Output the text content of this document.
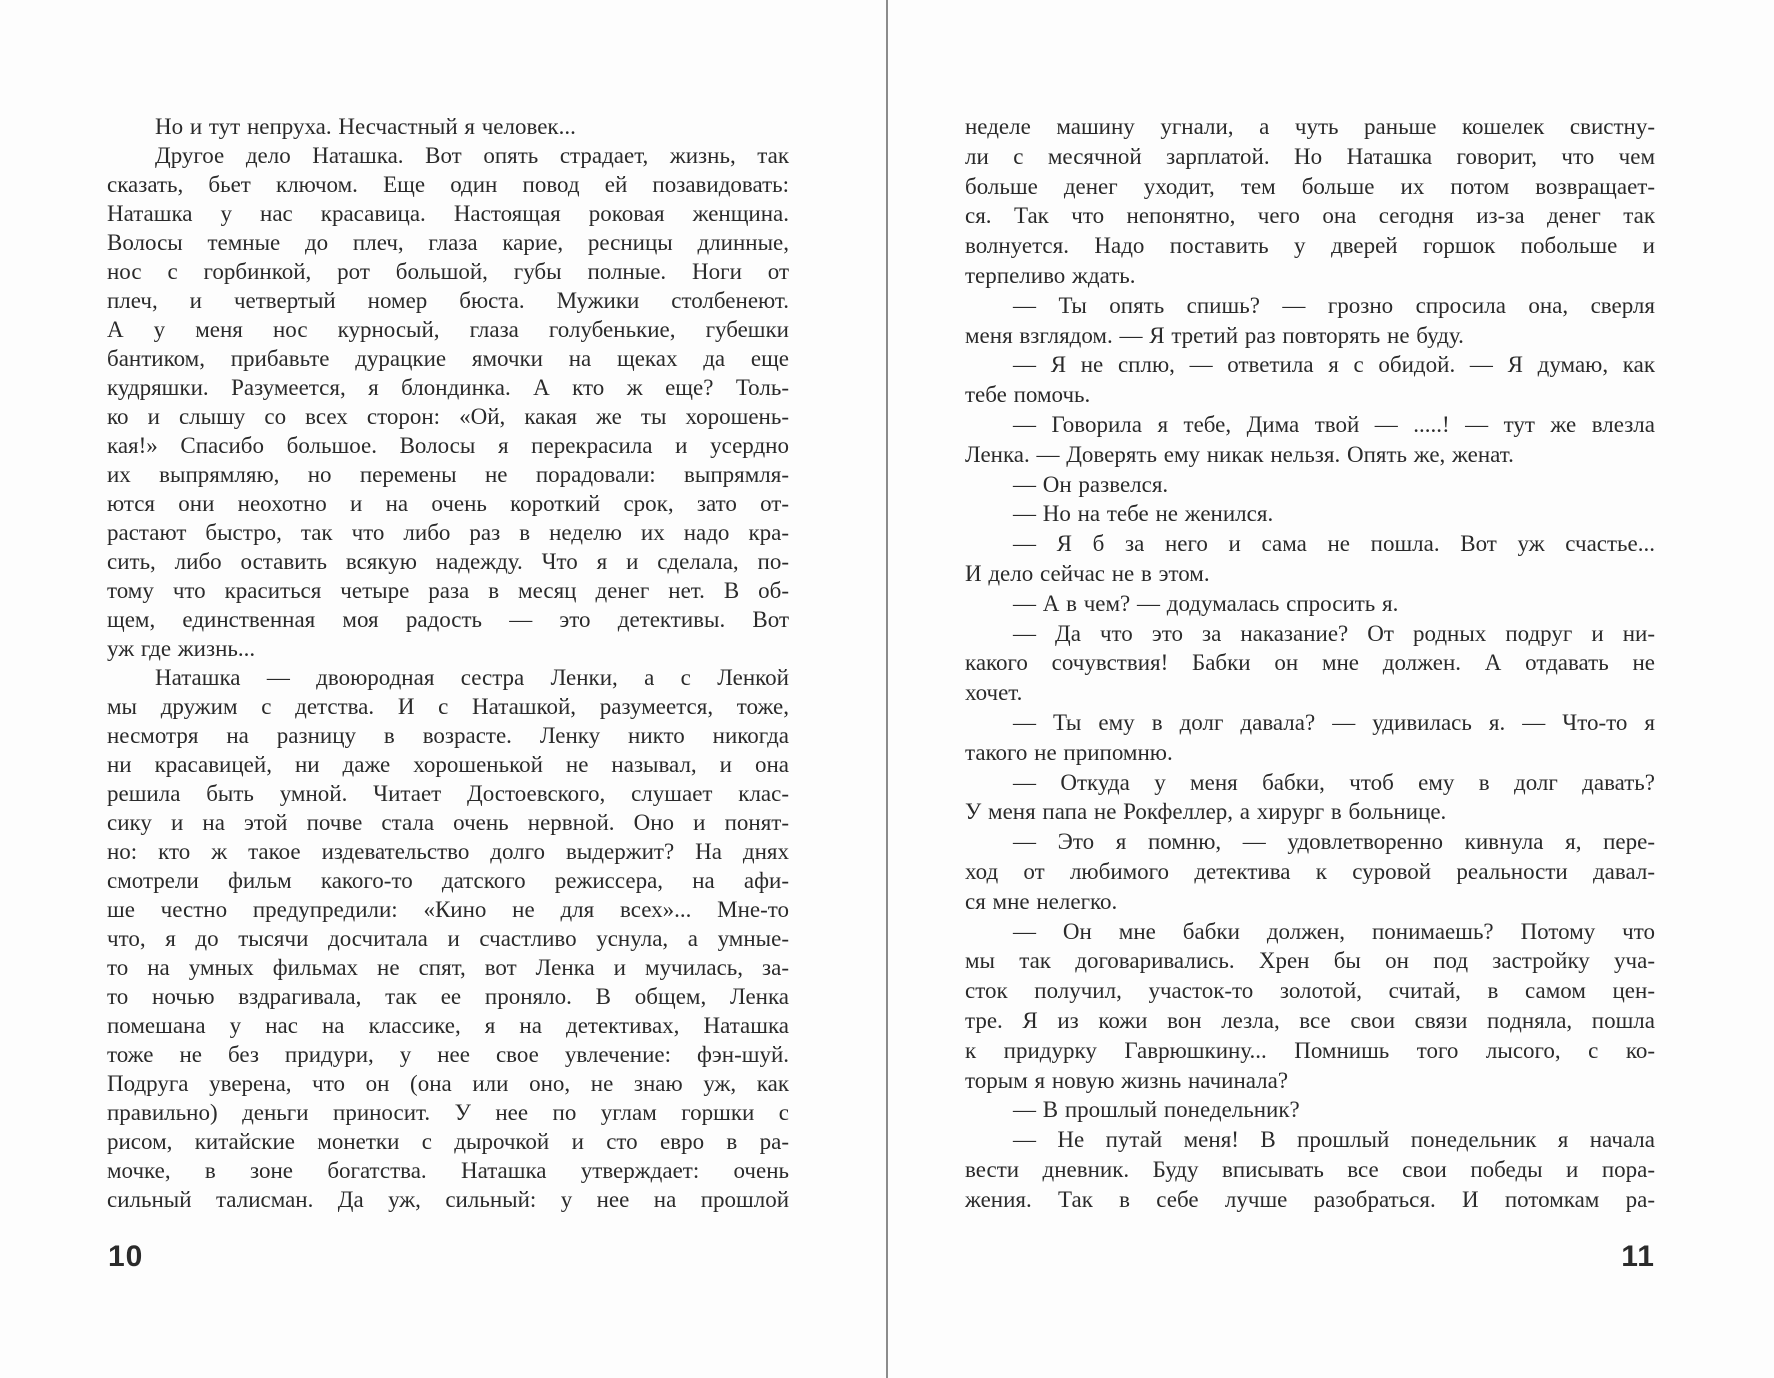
Но и тут непруха. Несчастный я человек...
Другое дело Наташка. Вот опять страдает, жизнь, так
сказать, бьет ключом. Еще один повод ей позавидовать:
Наташка у нас красавица. Настоящая роковая женщина.
Волосы темные до плеч, глаза карие, ресницы длинные,
нос с горбинкой, рот большой, губы полные. Ноги от
плеч, и четвертый номер бюста. Мужики столбенеют.
А у меня нос курносый, глаза голубенькие, губешки
бантиком, прибавьте дурацкие ямочки на щеках да еще
кудряшки. Разумеется, я блондинка. А кто ж еще? Толь-
ко и слышу со всех сторон: «Ой, какая же ты хорошень-
кая!» Спасибо большое. Волосы я перекрасила и усердно
их выпрямляю, но перемены не порадовали: выпрямля-
ются они неохотно и на очень короткий срок, зато от-
растают быстро, так что либо раз в неделю их надо кра-
сить, либо оставить всякую надежду. Что я и сделала, по-
тому что краситься четыре раза в месяц денег нет. В об-
щем, единственная моя радость — это детективы. Вот
уж где жизнь...
Наташка — двоюродная сестра Ленки, а с Ленкой
мы дружим с детства. И с Наташкой, разумеется, тоже,
несмотря на разницу в возрасте. Ленку никто никогда
ни красавицей, ни даже хорошенькой не называл, и она
решила быть умной. Читает Достоевского, слушает клас-
сику и на этой почве стала очень нервной. Оно и понят-
но: кто ж такое издевательство долго выдержит? На днях
смотрели фильм какого-то датского режиссера, на афи-
ше честно предупредили: «Кино не для всех»... Мне-то
что, я до тысячи досчитала и счастливо уснула, а умные-
то на умных фильмах не спят, вот Ленка и мучилась, за-
то ночью вздрагивала, так ее проняло. В общем, Ленка
помешана у нас на классике, я на детективах, Наташка
тоже не без придури, у нее свое увлечение: фэн-шуй.
Подруга уверена, что он (она или оно, не знаю уж, как
правильно) деньги приносит. У нее по углам горшки с
рисом, китайские монетки с дырочкой и сто евро в ра-
мочке, в зоне богатства. Наташка утверждает: очень
сильный талисман. Да уж, сильный: у нее на прошлой
неделе машину угнали, а чуть раньше кошелек свистну-
ли с месячной зарплатой. Но Наташка говорит, что чем
больше денег уходит, тем больше их потом возвращает-
ся. Так что непонятно, чего она сегодня из-за денег так
волнуется. Надо поставить у дверей горшок побольше и
терпеливо ждать.
— Ты опять спишь? — грозно спросила она, сверля
меня взглядом. — Я третий раз повторять не буду.
— Я не сплю, — ответила я с обидой. — Я думаю, как
тебе помочь.
— Говорила я тебе, Дима твой — .....! — тут же влезла
Ленка. — Доверять ему никак нельзя. Опять же, женат.
— Он развелся.
— Но на тебе не женился.
— Я б за него и сама не пошла. Вот уж счастье...
И дело сейчас не в этом.
— А в чем? — додумалась спросить я.
— Да что это за наказание? От родных подруг и ни-
какого сочувствия! Бабки он мне должен. А отдавать не
хочет.
— Ты ему в долг давала? — удивилась я. — Что-то я
такого не припомню.
— Откуда у меня бабки, чтоб ему в долг давать?
У меня папа не Рокфеллер, а хирург в больнице.
— Это я помню, — удовлетворенно кивнула я, пере-
ход от любимого детектива к суровой реальности давал-
ся мне нелегко.
— Он мне бабки должен, понимаешь? Потому что
мы так договаривались. Хрен бы он под застройку уча-
сток получил, участок-то золотой, считай, в самом цен-
тре. Я из кожи вон лезла, все свои связи подняла, пошла
к придурку Гаврюшкину... Помнишь того лысого, с ко-
торым я новую жизнь начинала?
— В прошлый понедельник?
— Не путай меня! В прошлый понедельник я начала
вести дневник. Буду вписывать все свои победы и пора-
жения. Так в себе лучше разобраться. И потомкам ра-
10	11
